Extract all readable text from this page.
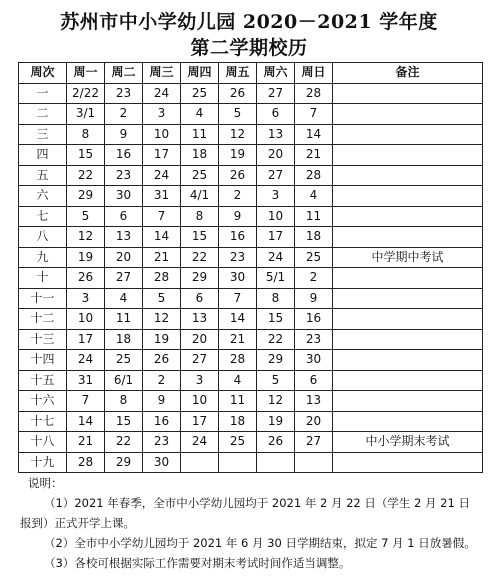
苏州市中小学幼儿园 2020－2021 学年度
第二学期校历
周次	周一	周二	周三	周四	周五	周六	周日	备注
一	2/22	23	24	25	26	27	28	
二	3/1	2	3	4	5	6	7	
三	8	9	10	11	12	13	14	
四	15	16	17	18	19	20	21	
五	22	23	24	25	26	27	28	
六	29	30	31	4/1	2	3	4	
七	5	6	7	8	9	10	11	
八	12	13	14	15	16	17	18	
九	19	20	21	22	23	24	25	中学期中考试
十	26	27	28	29	30	5/1	2	
十一	3	4	5	6	7	8	9	
十二	10	11	12	13	14	15	16	
十三	17	18	19	20	21	22	23	
十四	24	25	26	27	28	29	30	
十五	31	6/1	2	3	4	5	6	
十六	7	8	9	10	11	12	13	
十七	14	15	16	17	18	19	20	
十八	21	22	23	24	25	26	27	中小学期末考试
十九	28	29	30					
说明：
（1）2021 年春季，全市中小学幼儿园均于 2021 年 2 月 22 日（学生 2 月 21 日
报到）正式开学上课。
（2）全市中小学幼儿园均于 2021 年 6 月 30 日学期结束，拟定 7 月 1 日放暑假。
（3）各校可根据实际工作需要对期末考试时间作适当调整。
